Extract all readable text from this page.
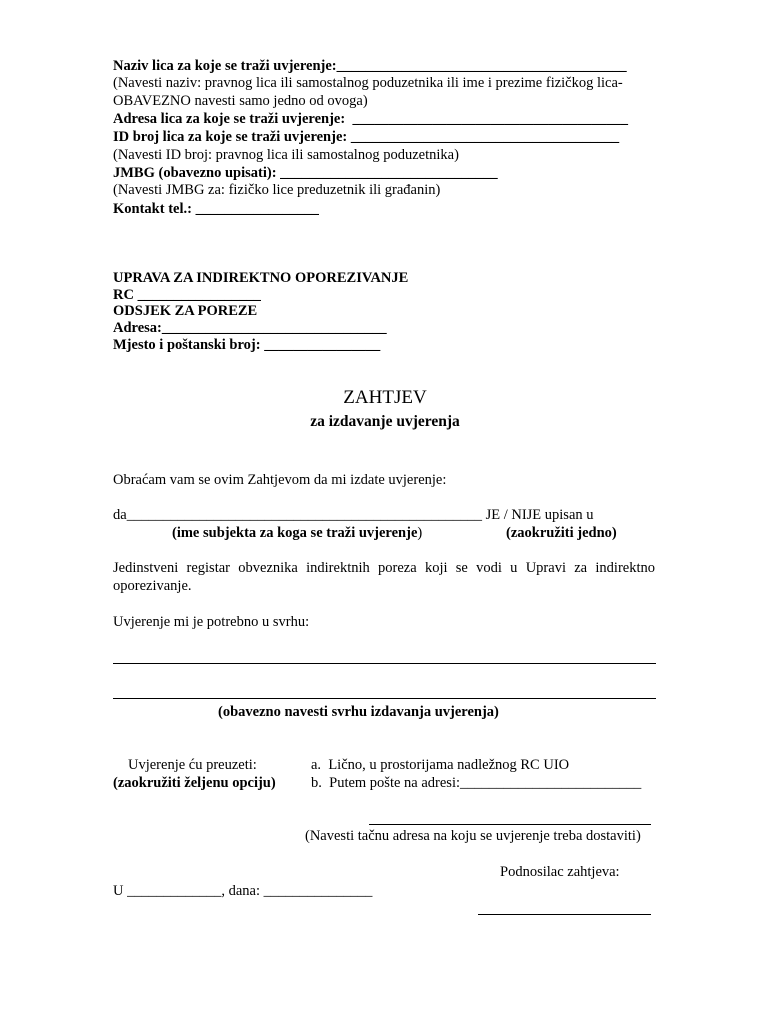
Naziv lica za koje se traži uvjerenje:________________________________________
(Navesti naziv: pravnog lica ili samostalnog poduzetnika ili ime i prezime fizičkog lica-
OBAVEZNO navesti samo jedno od ovoga)
Adresa lica za koje se traži uvjerenje: ______________________________________
ID broj lica za koje se traži uvjerenje: _____________________________________
(Navesti ID broj: pravnog lica ili samostalnog poduzetnika)
JMBG (obavezno upisati): ______________________________
(Navesti JMBG za: fizičko lice preduzetnik ili građanin)
Kontakt tel.: _________________
UPRAVA ZA INDIREKTNO OPOREZIVANJE
RC _________________
ODSJEK ZA POREZE
Adresa:_______________________________
Mjesto i poštanski broj: ________________
ZAHTJEV
za izdavanje uvjerenja
Obraćam vam se ovim Zahtjevom da mi izdate uvjerenje:
da_________________________________________________ JE / NIJE upisan u
(ime subjekta za koga se traži uvjerenje)	(zaokružiti jedno)
Jedinstveni registar obveznika indirektnih poreza koji se vodi u Upravi za indirektno oporezivanje.
Uvjerenje mi je potrebno u svrhu:
(obavezno navesti svrhu izdavanja uvjerenja)
Uvjerenje ću preuzeti:
(zaokružiti željenu opciju)
a. Lično, u prostorijama nadležnog RC UIO
b. Putem pošte na adresi:_________________________
(Navesti tačnu adresa na koju se uvjerenje treba dostaviti)
Podnosilac zahtjeva:
U _____________, dana: _______________
